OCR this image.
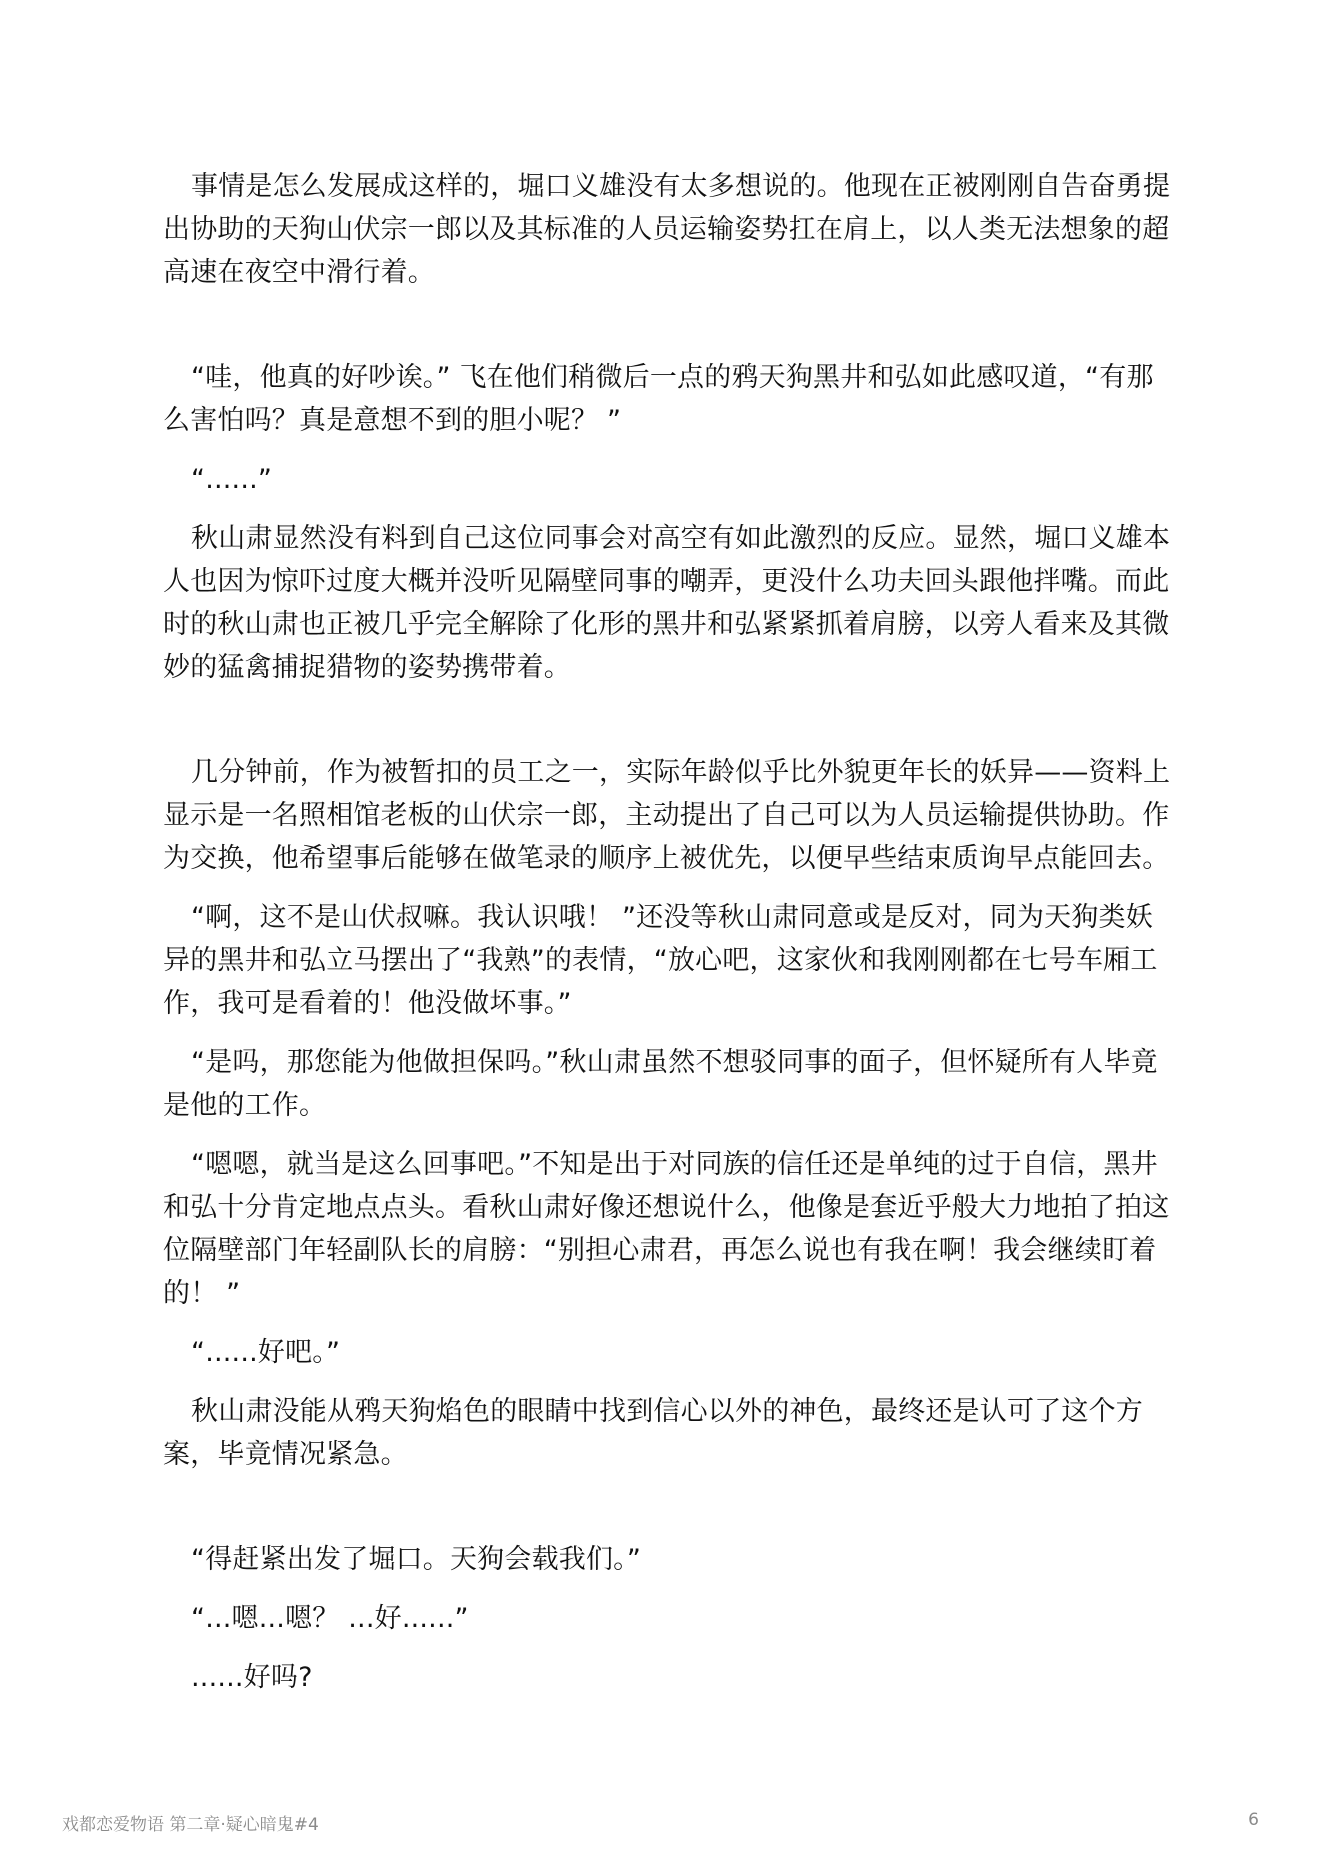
事情是怎么发展成这样的，堀口义雄没有太多想说的。他现在正被刚刚自告奋勇提出协助的天狗山伏宗一郎以及其标准的人员运输姿势扛在肩上，以人类无法想象的超高速在夜空中滑行着。

“哇，他真的好吵诶。” 飞在他们稍微后一点的鸦天狗黑井和弘如此感叹道，“有那么害怕吗？真是意想不到的胆小呢？ ”

“......”

秋山肃显然没有料到自己这位同事会对高空有如此激烈的反应。显然，堀口义雄本人也因为惊吓过度大概并没听见隔壁同事的嘲弄，更没什么功夫回头跟他拌嘴。而此时的秋山肃也正被几乎完全解除了化形的黑井和弘紧紧抓着肩膀，以旁人看来及其微妙的猛禽捕捉猎物的姿势携带着。

几分钟前，作为被暂扣的员工之一，实际年龄似乎比外貌更年长的妖异——资料上显示是一名照相馆老板的山伏宗一郎，主动提出了自己可以为人员运输提供协助。作为交换，他希望事后能够在做笔录的顺序上被优先，以便早些结束质询早点能回去。

“啊，这不是山伏叔嘛。我认识哦！ ”还没等秋山肃同意或是反对，同为天狗类妖异的黑井和弘立马摆出了“我熟”的表情，“放心吧，这家伙和我刚刚都在七号车厢工作，我可是看着的！他没做坏事。”

“是吗，那您能为他做担保吗。”秋山肃虽然不想驳同事的面子，但怀疑所有人毕竟是他的工作。

“嗯嗯，就当是这么回事吧。”不知是出于对同族的信任还是单纯的过于自信，黑井和弘十分肯定地点点头。看秋山肃好像还想说什么，他像是套近乎般大力地拍了拍这位隔壁部门年轻副队长的肩膀：“别担心肃君，再怎么说也有我在啊！我会继续盯着的！ ”

“......好吧。”

秋山肃没能从鸦天狗焰色的眼睛中找到信心以外的神色，最终还是认可了这个方案，毕竟情况紧急。

“得赶紧出发了堀口。天狗会载我们。”

“...嗯...嗯？ ...好......”

......好吗?

戏都恋爱物语 第二章·疑心暗鬼#4	6
